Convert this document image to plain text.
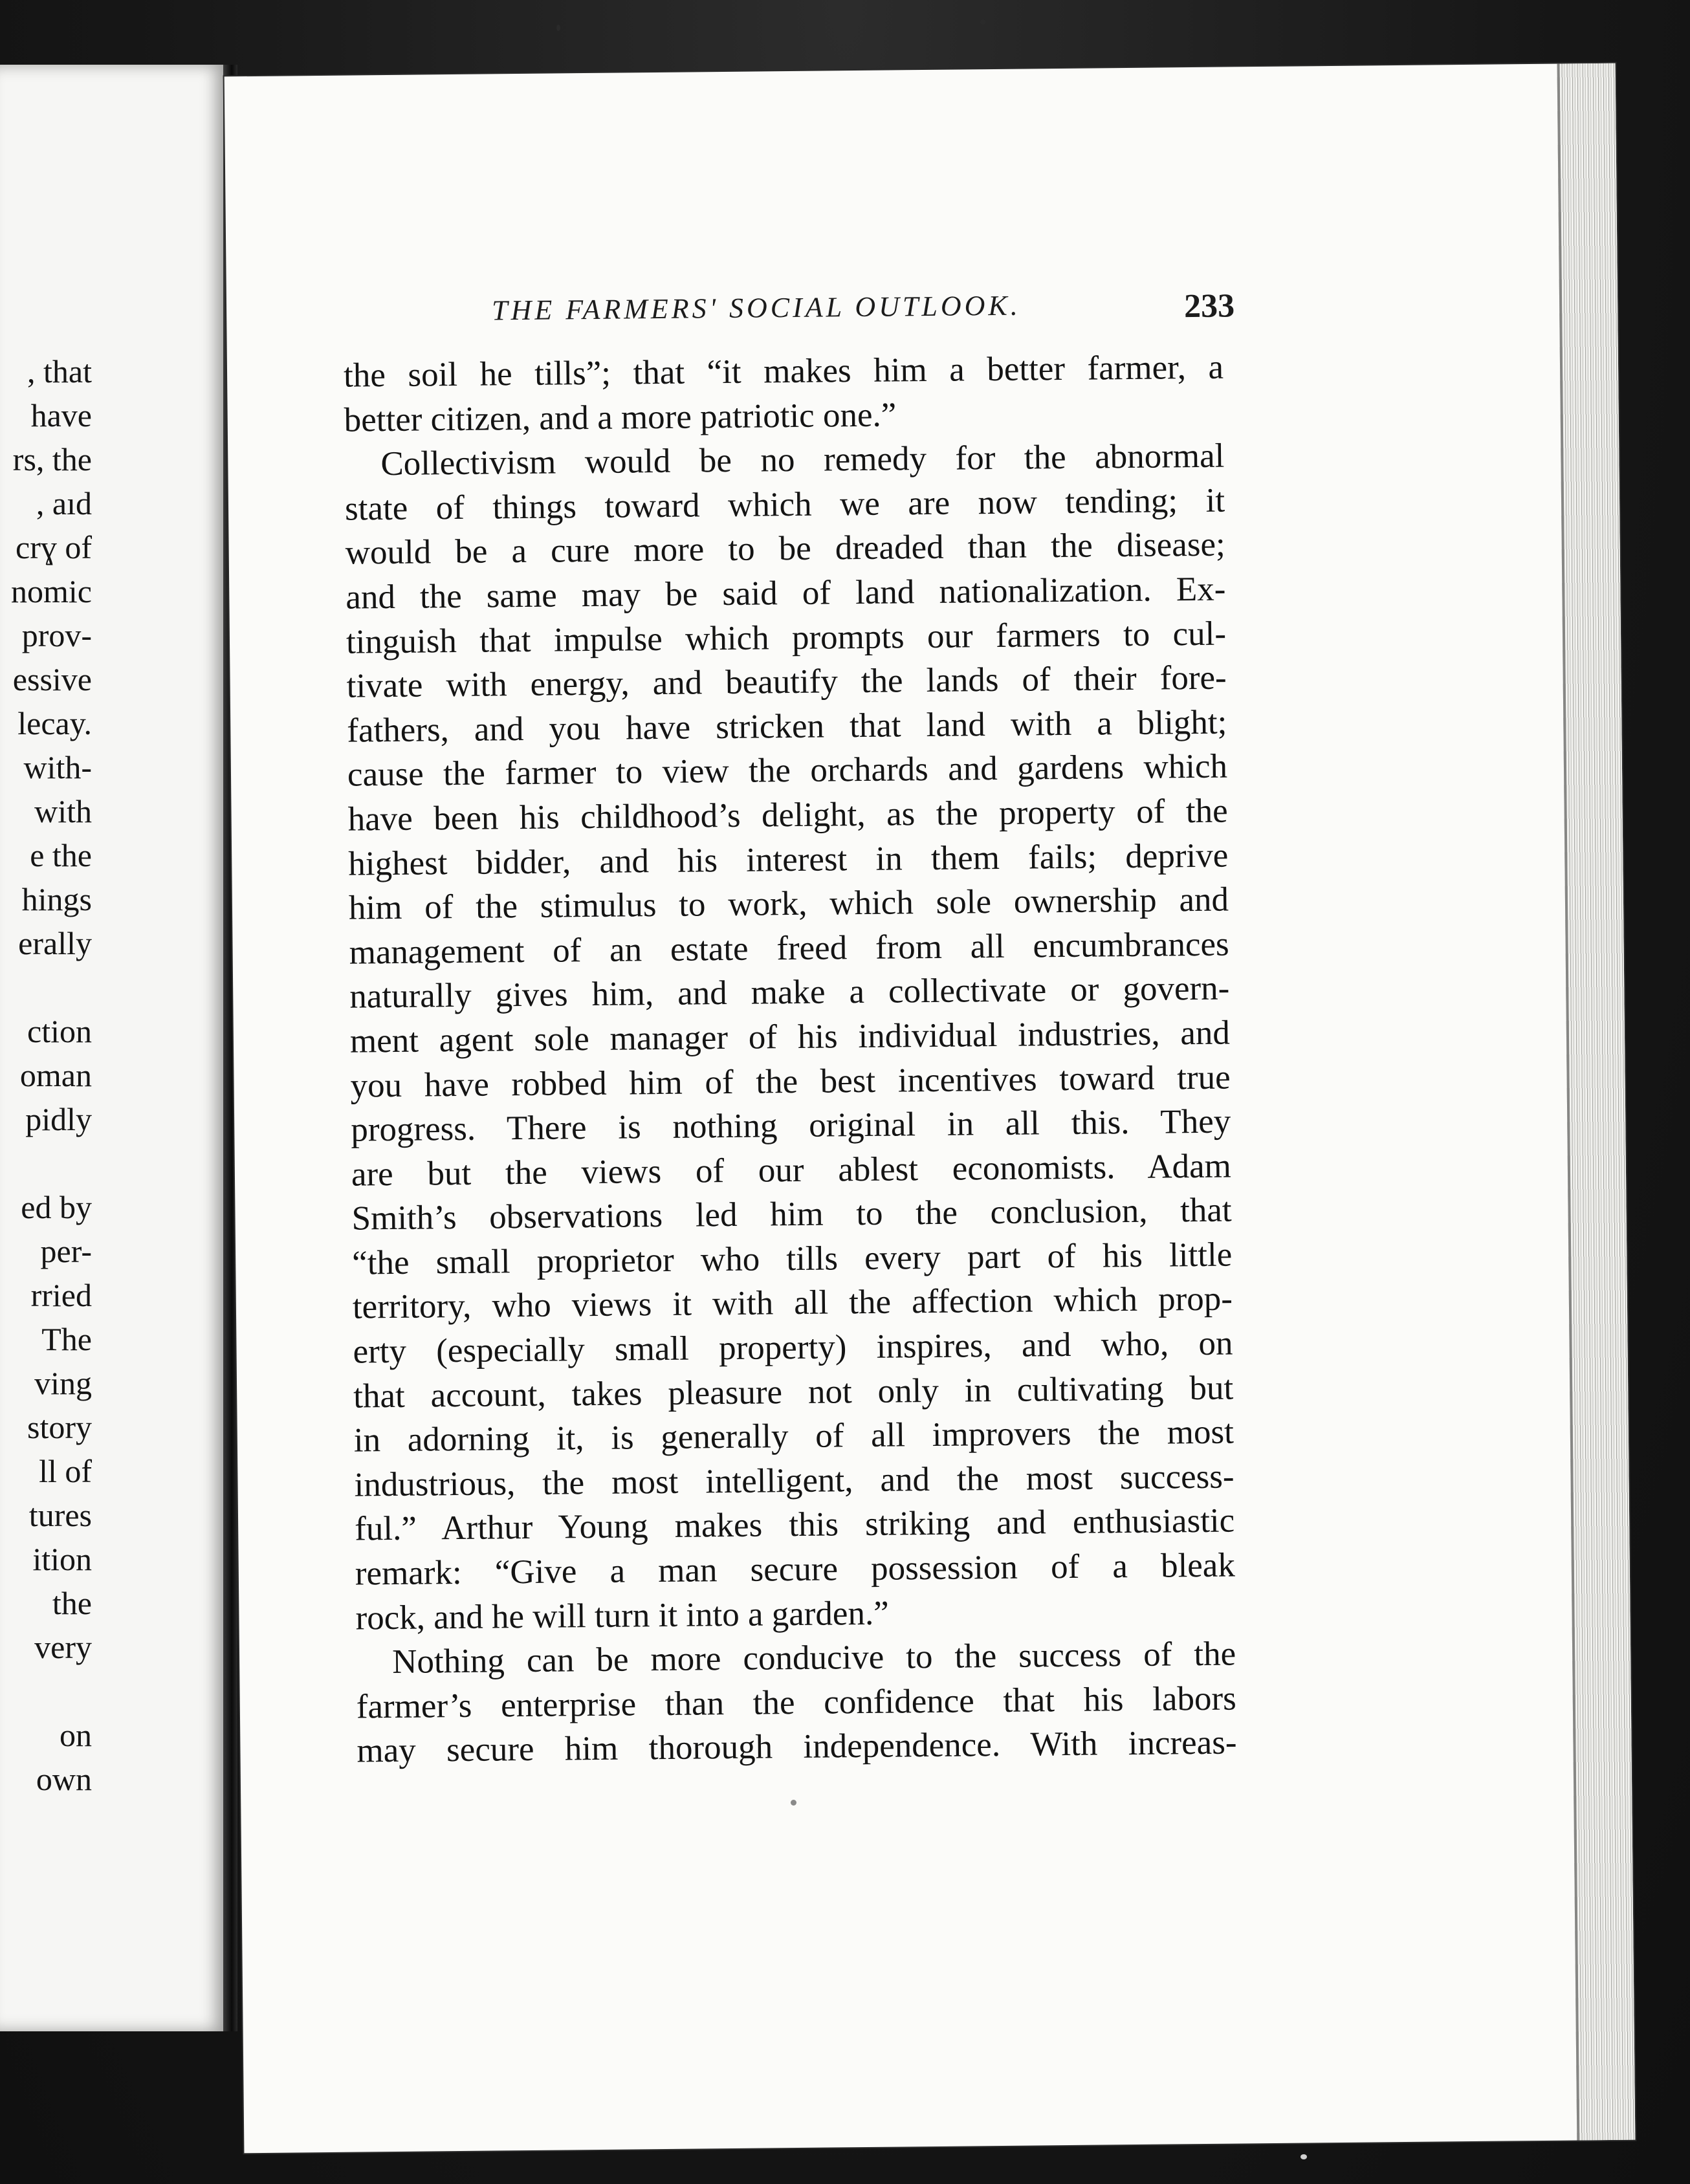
, that
have
rs, the
, aıd
crɣ of
nomic
prov-
essive
lecay.
with-
with
e the
hings
erally
ction
oman
pidly
ed by
per-
rried
The
ving
story
ll of
tures
ition
the
very
on
own
THE FARMERS' SOCIAL OUTLOOK.	233
the soil he tills”; that “it makes him a better farmer, a
better citizen, and a more patriotic one.”
Collectivism would be no remedy for the abnormal
state of things toward which we are now tending; it
would be a cure more to be dreaded than the disease;
and the same may be said of land nationalization. Ex-
tinguish that impulse which prompts our farmers to cul-
tivate with energy, and beautify the lands of their fore-
fathers, and you have stricken that land with a blight;
cause the farmer to view the orchards and gardens which
have been his childhood’s delight, as the property of the
highest bidder, and his interest in them fails; deprive
him of the stimulus to work, which sole ownership and
management of an estate freed from all encumbrances
naturally gives him, and make a collectivate or govern-
ment agent sole manager of his individual industries, and
you have robbed him of the best incentives toward true
progress. There is nothing original in all this. They
are but the views of our ablest economists. Adam
Smith’s observations led him to the conclusion, that
“the small proprietor who tills every part of his little
territory, who views it with all the affection which prop-
erty (especially small property) inspires, and who, on
that account, takes pleasure not only in cultivating but
in adorning it, is generally of all improvers the most
industrious, the most intelligent, and the most success-
ful.” Arthur Young makes this striking and enthusiastic
remark: “Give a man secure possession of a bleak
rock, and he will turn it into a garden.”
Nothing can be more conducive to the success of the
farmer’s enterprise than the confidence that his labors
may secure him thorough independence. With increas-
